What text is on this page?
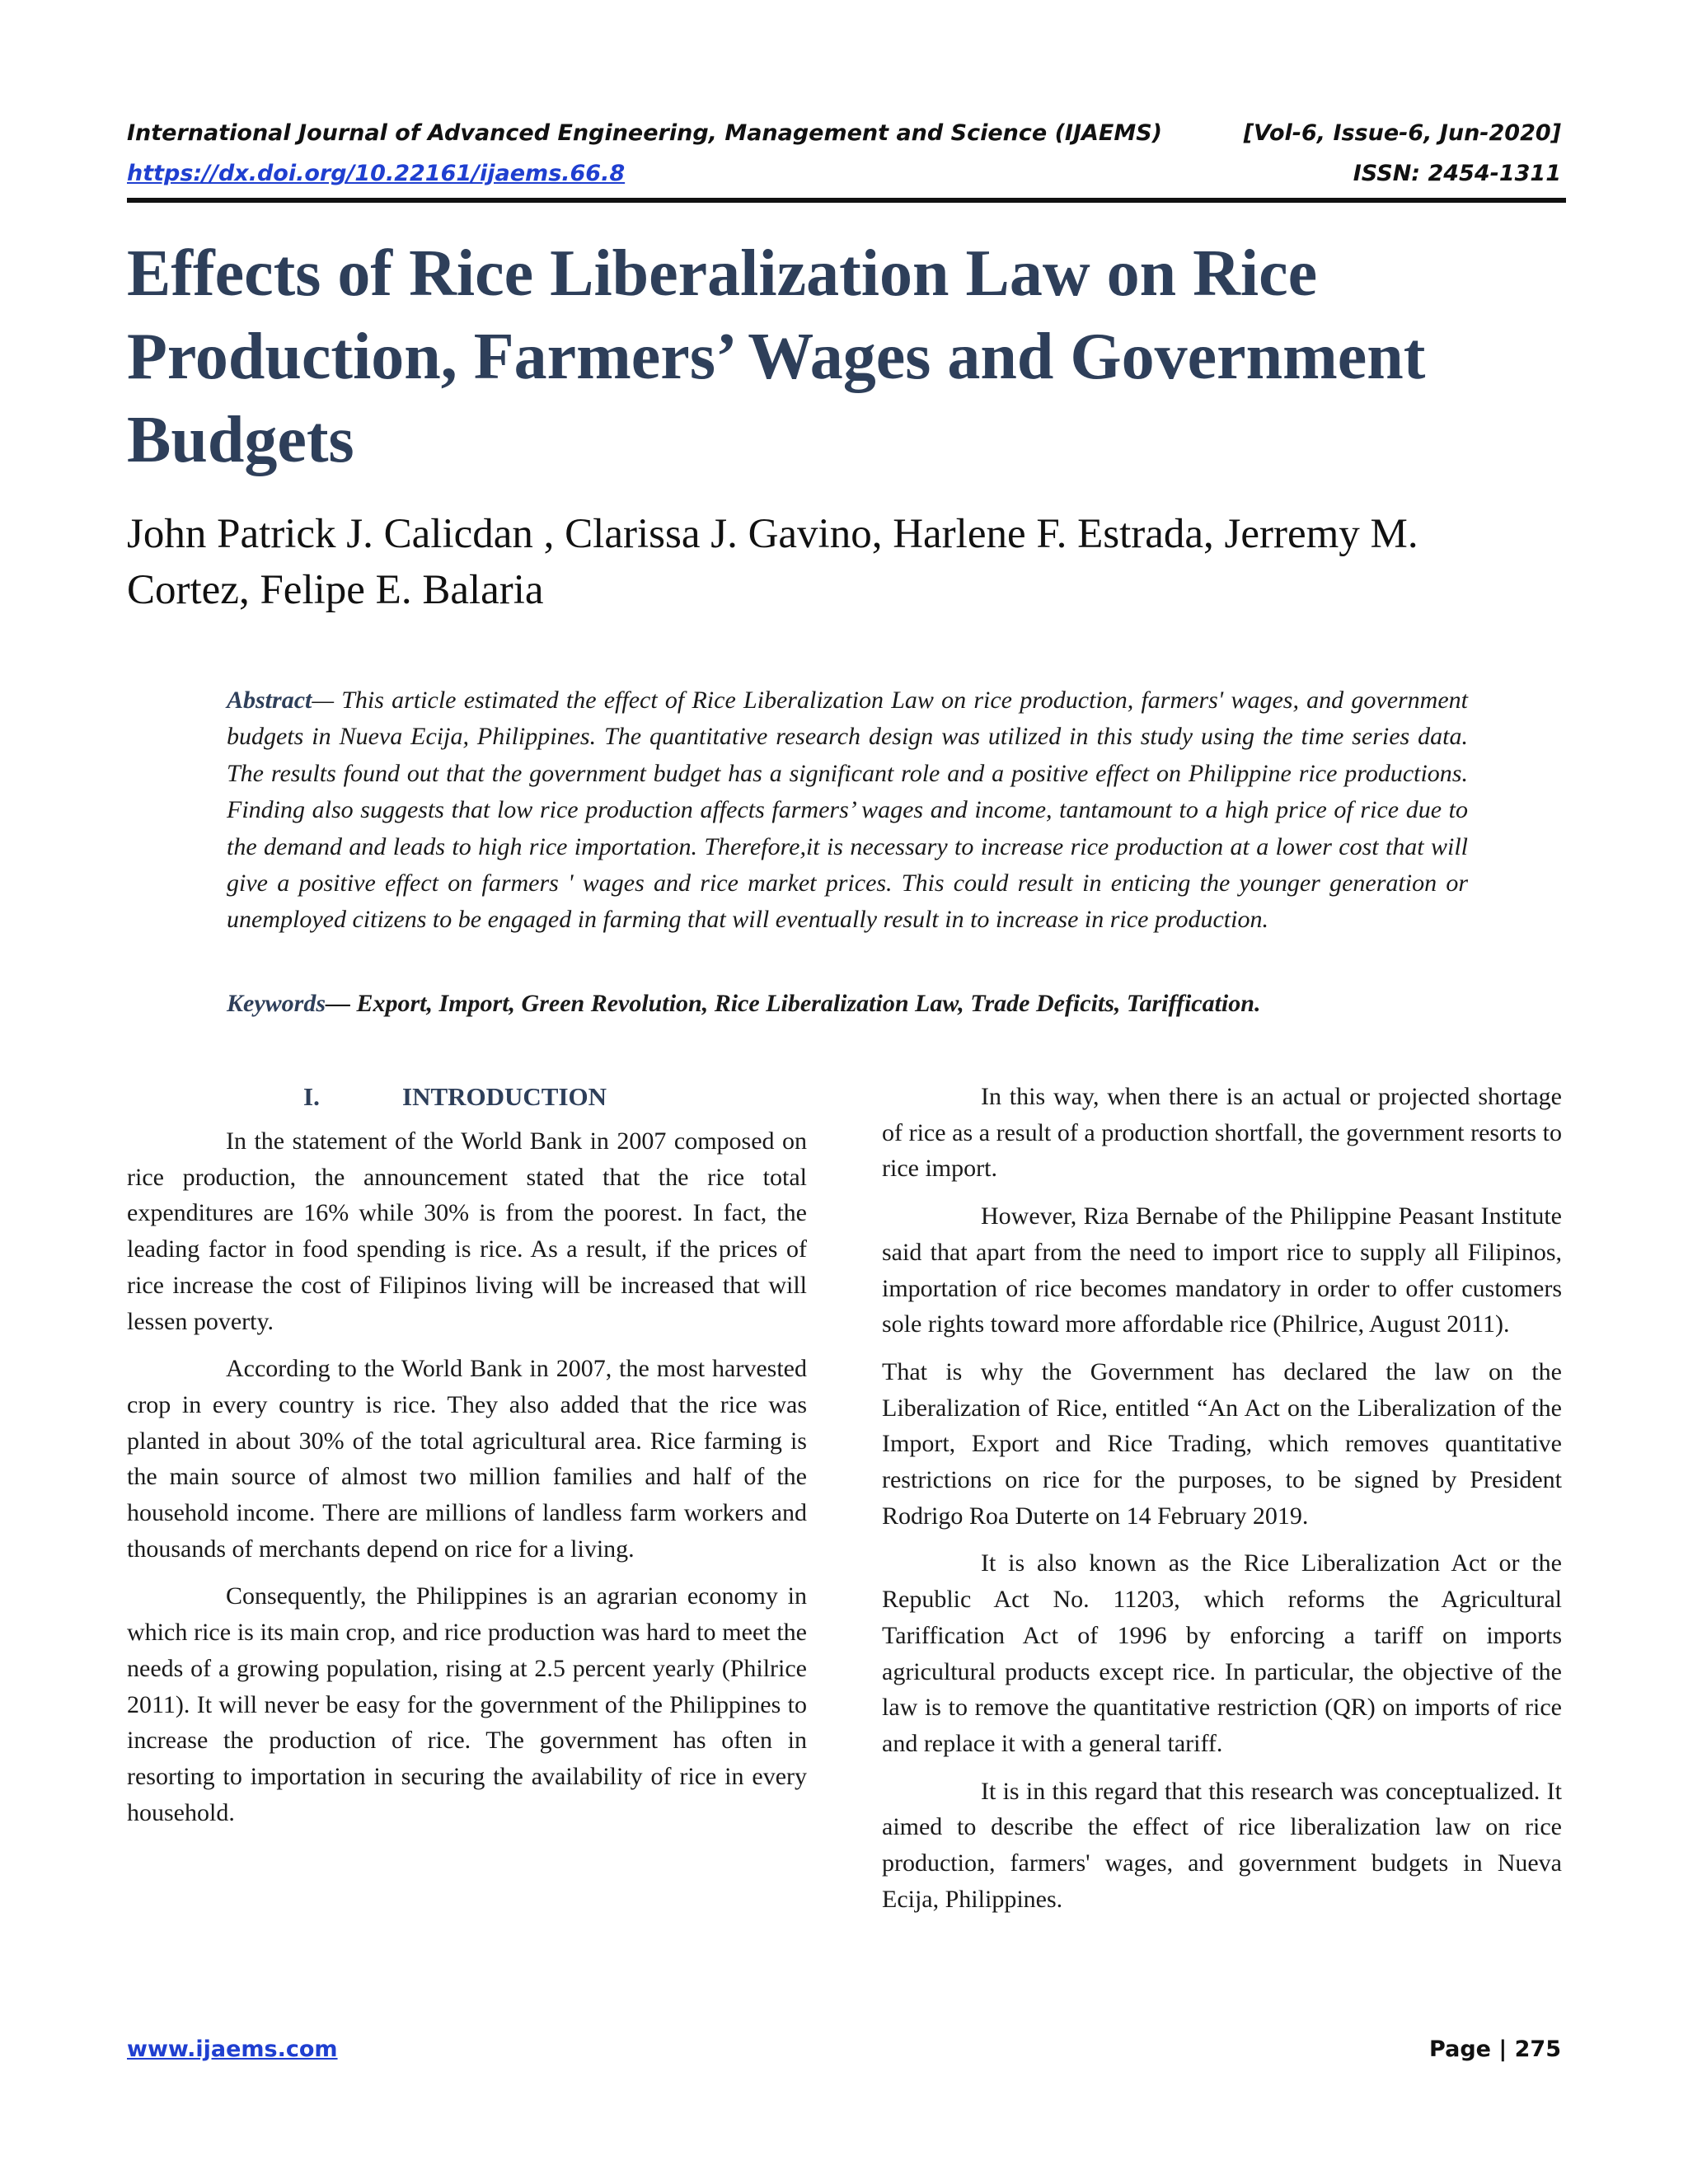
International Journal of Advanced Engineering, Management and Science (IJAEMS)	[Vol-6, Issue-6, Jun-2020]
https://dx.doi.org/10.22161/ijaems.66.8	ISSN: 2454-1311
Effects of Rice Liberalization Law on Rice
Production, Farmers’ Wages and Government
Budgets
John Patrick J. Calicdan , Clarissa J. Gavino, Harlene F. Estrada, Jerremy M.
Cortez, Felipe E. Balaria
Abstract— This article estimated the effect of Rice Liberalization Law on rice production, farmers' wages, and government budgets in Nueva Ecija, Philippines. The quantitative research design was utilized in this study using the time series data. The results found out that the government budget has a significant role and a positive effect on Philippine rice productions. Finding also suggests that low rice production affects farmers’ wages and income, tantamount to a high price of rice due to the demand and leads to high rice importation. Therefore,it is necessary to increase rice production at a lower cost that will give a positive effect on farmers ' wages and rice market prices. This could result in enticing the younger generation or unemployed citizens to be engaged in farming that will eventually result in to increase in rice production.
Keywords— Export, Import, Green Revolution, Rice Liberalization Law, Trade Deficits, Tariffication.
I.	INTRODUCTION

In the statement of the World Bank in 2007 composed on rice production, the announcement stated that the rice total expenditures are 16% while 30% is from the poorest. In fact, the leading factor in food spending is rice. As a result, if the prices of rice increase the cost of Filipinos living will be increased that will lessen poverty.

According to the World Bank in 2007, the most harvested crop in every country is rice. They also added that the rice was planted in about 30% of the total agricultural area. Rice farming is the main source of almost two million families and half of the household income. There are millions of landless farm workers and thousands of merchants depend on rice for a living.

Consequently, the Philippines is an agrarian economy in which rice is its main crop, and rice production was hard to meet the needs of a growing population, rising at 2.5 percent yearly (Philrice 2011). It will never be easy for the government of the Philippines to increase the production of rice. The government has often in resorting to importation in securing the availability of rice in every household.

In this way, when there is an actual or projected shortage of rice as a result of a production shortfall, the government resorts to rice import.

However, Riza Bernabe of the Philippine Peasant Institute said that apart from the need to import rice to supply all Filipinos, importation of rice becomes mandatory in order to offer customers sole rights toward more affordable rice (Philrice, August 2011).

That is why the Government has declared the law on the Liberalization of Rice, entitled “An Act on the Liberalization of the Import, Export and Rice Trading, which removes quantitative restrictions on rice for the purposes, to be signed by President Rodrigo Roa Duterte on 14 February 2019.

It is also known as the Rice Liberalization Act or the Republic Act No. 11203, which reforms the Agricultural Tariffication Act of 1996 by enforcing a tariff on imports agricultural products except rice. In particular, the objective of the law is to remove the quantitative restriction (QR) on imports of rice and replace it with a general tariff.

It is in this regard that this research was conceptualized. It aimed to describe the effect of rice liberalization law on rice production, farmers' wages, and government budgets in Nueva Ecija, Philippines.

www.ijaems.com	Page | 275
